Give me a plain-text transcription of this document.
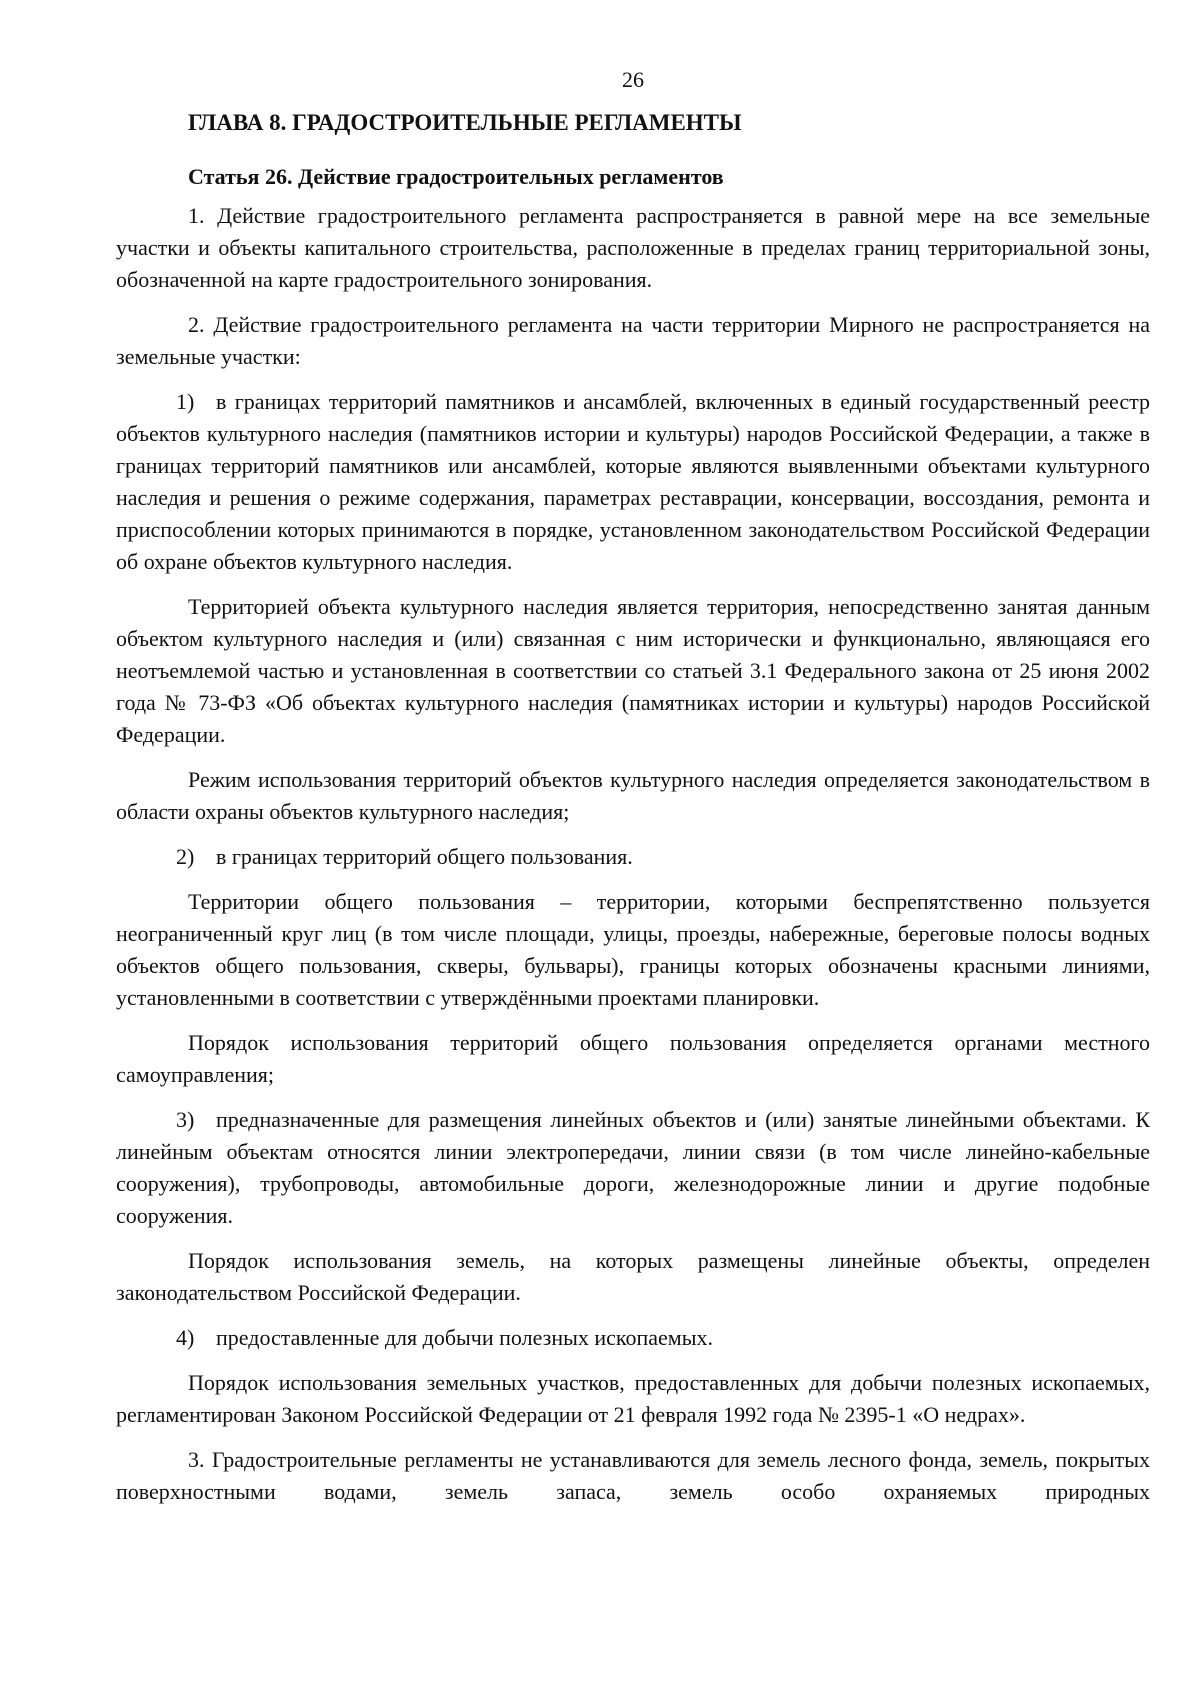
26
ГЛАВА 8. ГРАДОСТРОИТЕЛЬНЫЕ РЕГЛАМЕНТЫ
Статья 26. Действие градостроительных регламентов

1. Действие градостроительного регламента распространяется в равной мере на все земельные участки и объекты капитального строительства, расположенные в пределах границ территориальной зоны, обозначенной на карте градостроительного зонирования.

2. Действие градостроительного регламента на части территории Мирного не распространяется на земельные участки:

1) в границах территорий памятников и ансамблей, включенных в единый государственный реестр объектов культурного наследия (памятников истории и культуры) народов Российской Федерации, а также в границах территорий памятников или ансамблей, которые являются выявленными объектами культурного наследия и решения о режиме содержания, параметрах реставрации, консервации, воссоздания, ремонта и приспособлении которых принимаются в порядке, установленном законодательством Российской Федерации об охране объектов культурного наследия.

Территорией объекта культурного наследия является территория, непосредственно занятая данным объектом культурного наследия и (или) связанная с ним исторически и функционально, являющаяся его неотъемлемой частью и установленная в соответствии со статьей 3.1 Федерального закона от 25 июня 2002 года № 73-ФЗ «Об объектах культурного наследия (памятниках истории и культуры) народов Российской Федерации.

Режим использования территорий объектов культурного наследия определяется законодательством в области охраны объектов культурного наследия;

2) в границах территорий общего пользования.

Территории общего пользования – территории, которыми беспрепятственно пользуется неограниченный круг лиц (в том числе площади, улицы, проезды, набережные, береговые полосы водных объектов общего пользования, скверы, бульвары), границы которых обозначены красными линиями, установленными в соответствии с утверждёнными проектами планировки.

Порядок использования территорий общего пользования определяется органами местного самоуправления;

3) предназначенные для размещения линейных объектов и (или) занятые линейными объектами. К линейным объектам относятся линии электропередачи, линии связи (в том числе линейно-кабельные сооружения), трубопроводы, автомобильные дороги, железнодорожные линии и другие подобные сооружения.

Порядок использования земель, на которых размещены линейные объекты, определен законодательством Российской Федерации.

4) предоставленные для добычи полезных ископаемых.

Порядок использования земельных участков, предоставленных для добычи полезных ископаемых, регламентирован Законом Российской Федерации от 21 февраля 1992 года № 2395-1 «О недрах».

3. Градостроительные регламенты не устанавливаются для земель лесного фонда, земель, покрытых поверхностными водами, земель запаса, земель особо охраняемых природных
